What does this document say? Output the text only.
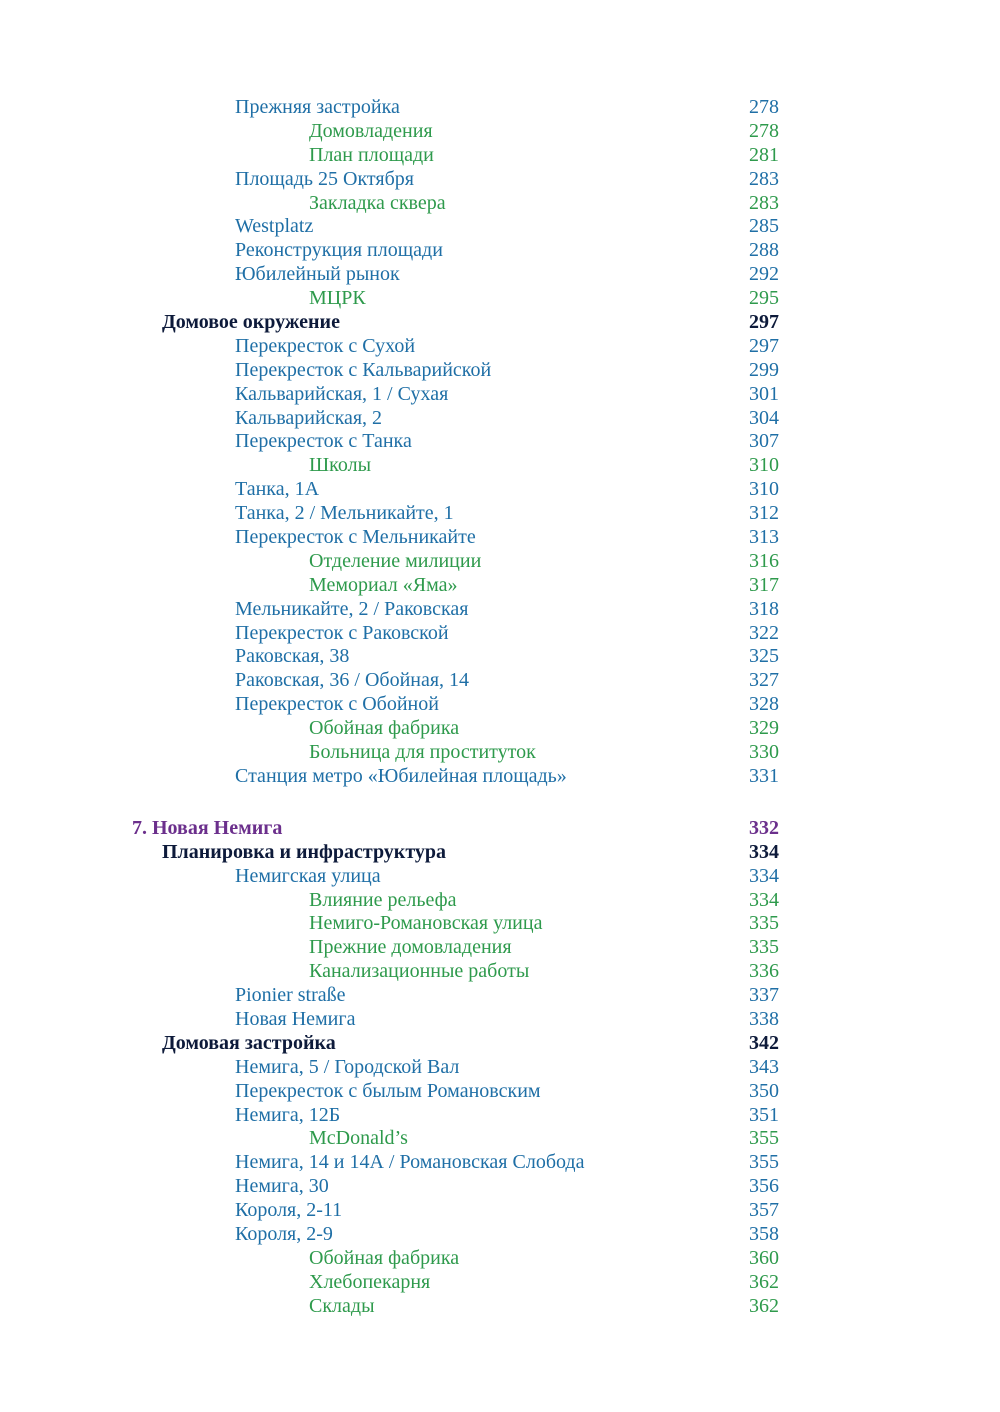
Прежняя застройка	278
Домовладения	278
План площади	281
Площадь 25 Октября	283
Закладка сквера	283
Westplatz	285
Реконструкция площади	288
Юбилейный рынок	292
МЦРК	295
Домовое окружение	297
Перекресток с Сухой	297
Перекресток с Кальварийской	299
Кальварийская, 1 / Сухая	301
Кальварийская, 2	304
Перекресток с Танка	307
Школы	310
Танка, 1А	310
Танка, 2 / Мельникайте, 1	312
Перекресток с Мельникайте	313
Отделение милиции	316
Мемориал «Яма»	317
Мельникайте, 2 / Раковская	318
Перекресток с Раковской	322
Раковская, 38	325
Раковская, 36 / Обойная, 14	327
Перекресток с Обойной	328
Обойная фабрика	329
Больница для проституток	330
Станция метро «Юбилейная площадь»	331
7. Новая Немига	332
Планировка и инфраструктура	334
Немигская улица	334
Влияние рельефа	334
Немиго-Романовская улица	335
Прежние домовладения	335
Канализационные работы	336
Pionier straße	337
Новая Немига	338
Домовая застройка	342
Немига, 5 / Городской Вал	343
Перекресток с былым Романовским	350
Немига, 12Б	351
McDonald’s	355
Немига, 14 и 14А / Романовская Слобода	355
Немига, 30	356
Короля, 2-11	357
Короля, 2-9	358
Обойная фабрика	360
Хлебопекарня	362
Склады	362
